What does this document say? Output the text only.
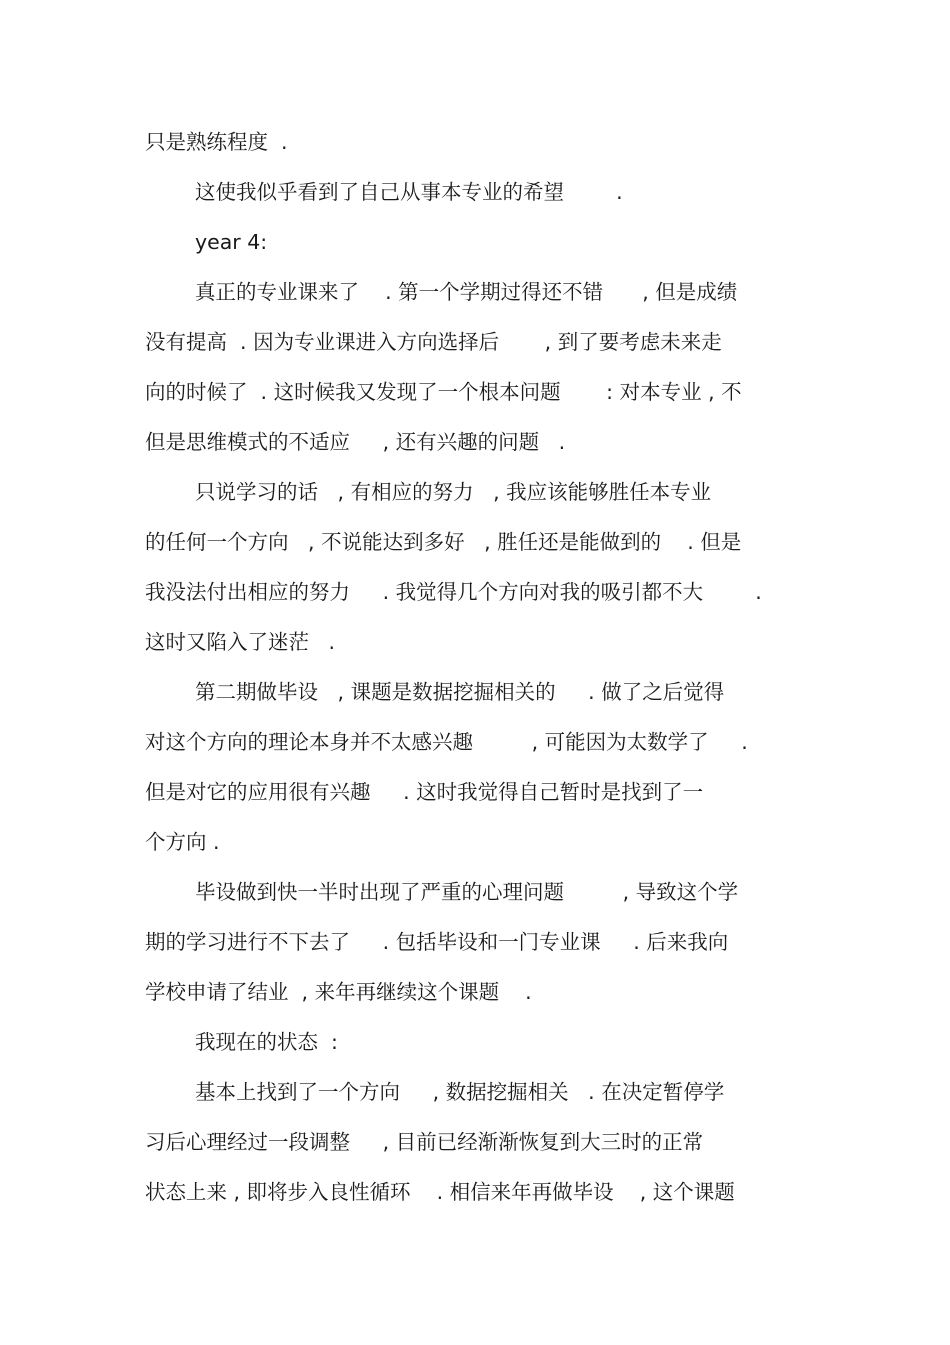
只是熟练程度  .

这使我似乎看到了自己从事本专业的希望        .

year 4:

真正的专业课来了    . 第一个学期过得还不错      , 但是成绩

没有提高  . 因为专业课进入方向选择后       , 到了要考虑未来走

向的时候了  . 这时候我又发现了一个根本问题       : 对本专业 , 不

但是思维模式的不适应     , 还有兴趣的问题   .

只说学习的话   , 有相应的努力   , 我应该能够胜任本专业

的任何一个方向   , 不说能达到多好   , 胜任还是能做到的    . 但是

我没法付出相应的努力     . 我觉得几个方向对我的吸引都不大        .

这时又陷入了迷茫   .

第二期做毕设   , 课题是数据挖掘相关的     . 做了之后觉得

对这个方向的理论本身并不太感兴趣         , 可能因为太数学了     .

但是对它的应用很有兴趣     . 这时我觉得自己暂时是找到了一

个方向 .

毕设做到快一半时出现了严重的心理问题         , 导致这个学

期的学习进行不下去了     . 包括毕设和一门专业课     . 后来我向

学校申请了结业  , 来年再继续这个课题    .

我现在的状态  :

基本上找到了一个方向     , 数据挖掘相关   . 在决定暂停学

习后心理经过一段调整     , 目前已经渐渐恢复到大三时的正常

状态上来 , 即将步入良性循环    . 相信来年再做毕设    , 这个课题
